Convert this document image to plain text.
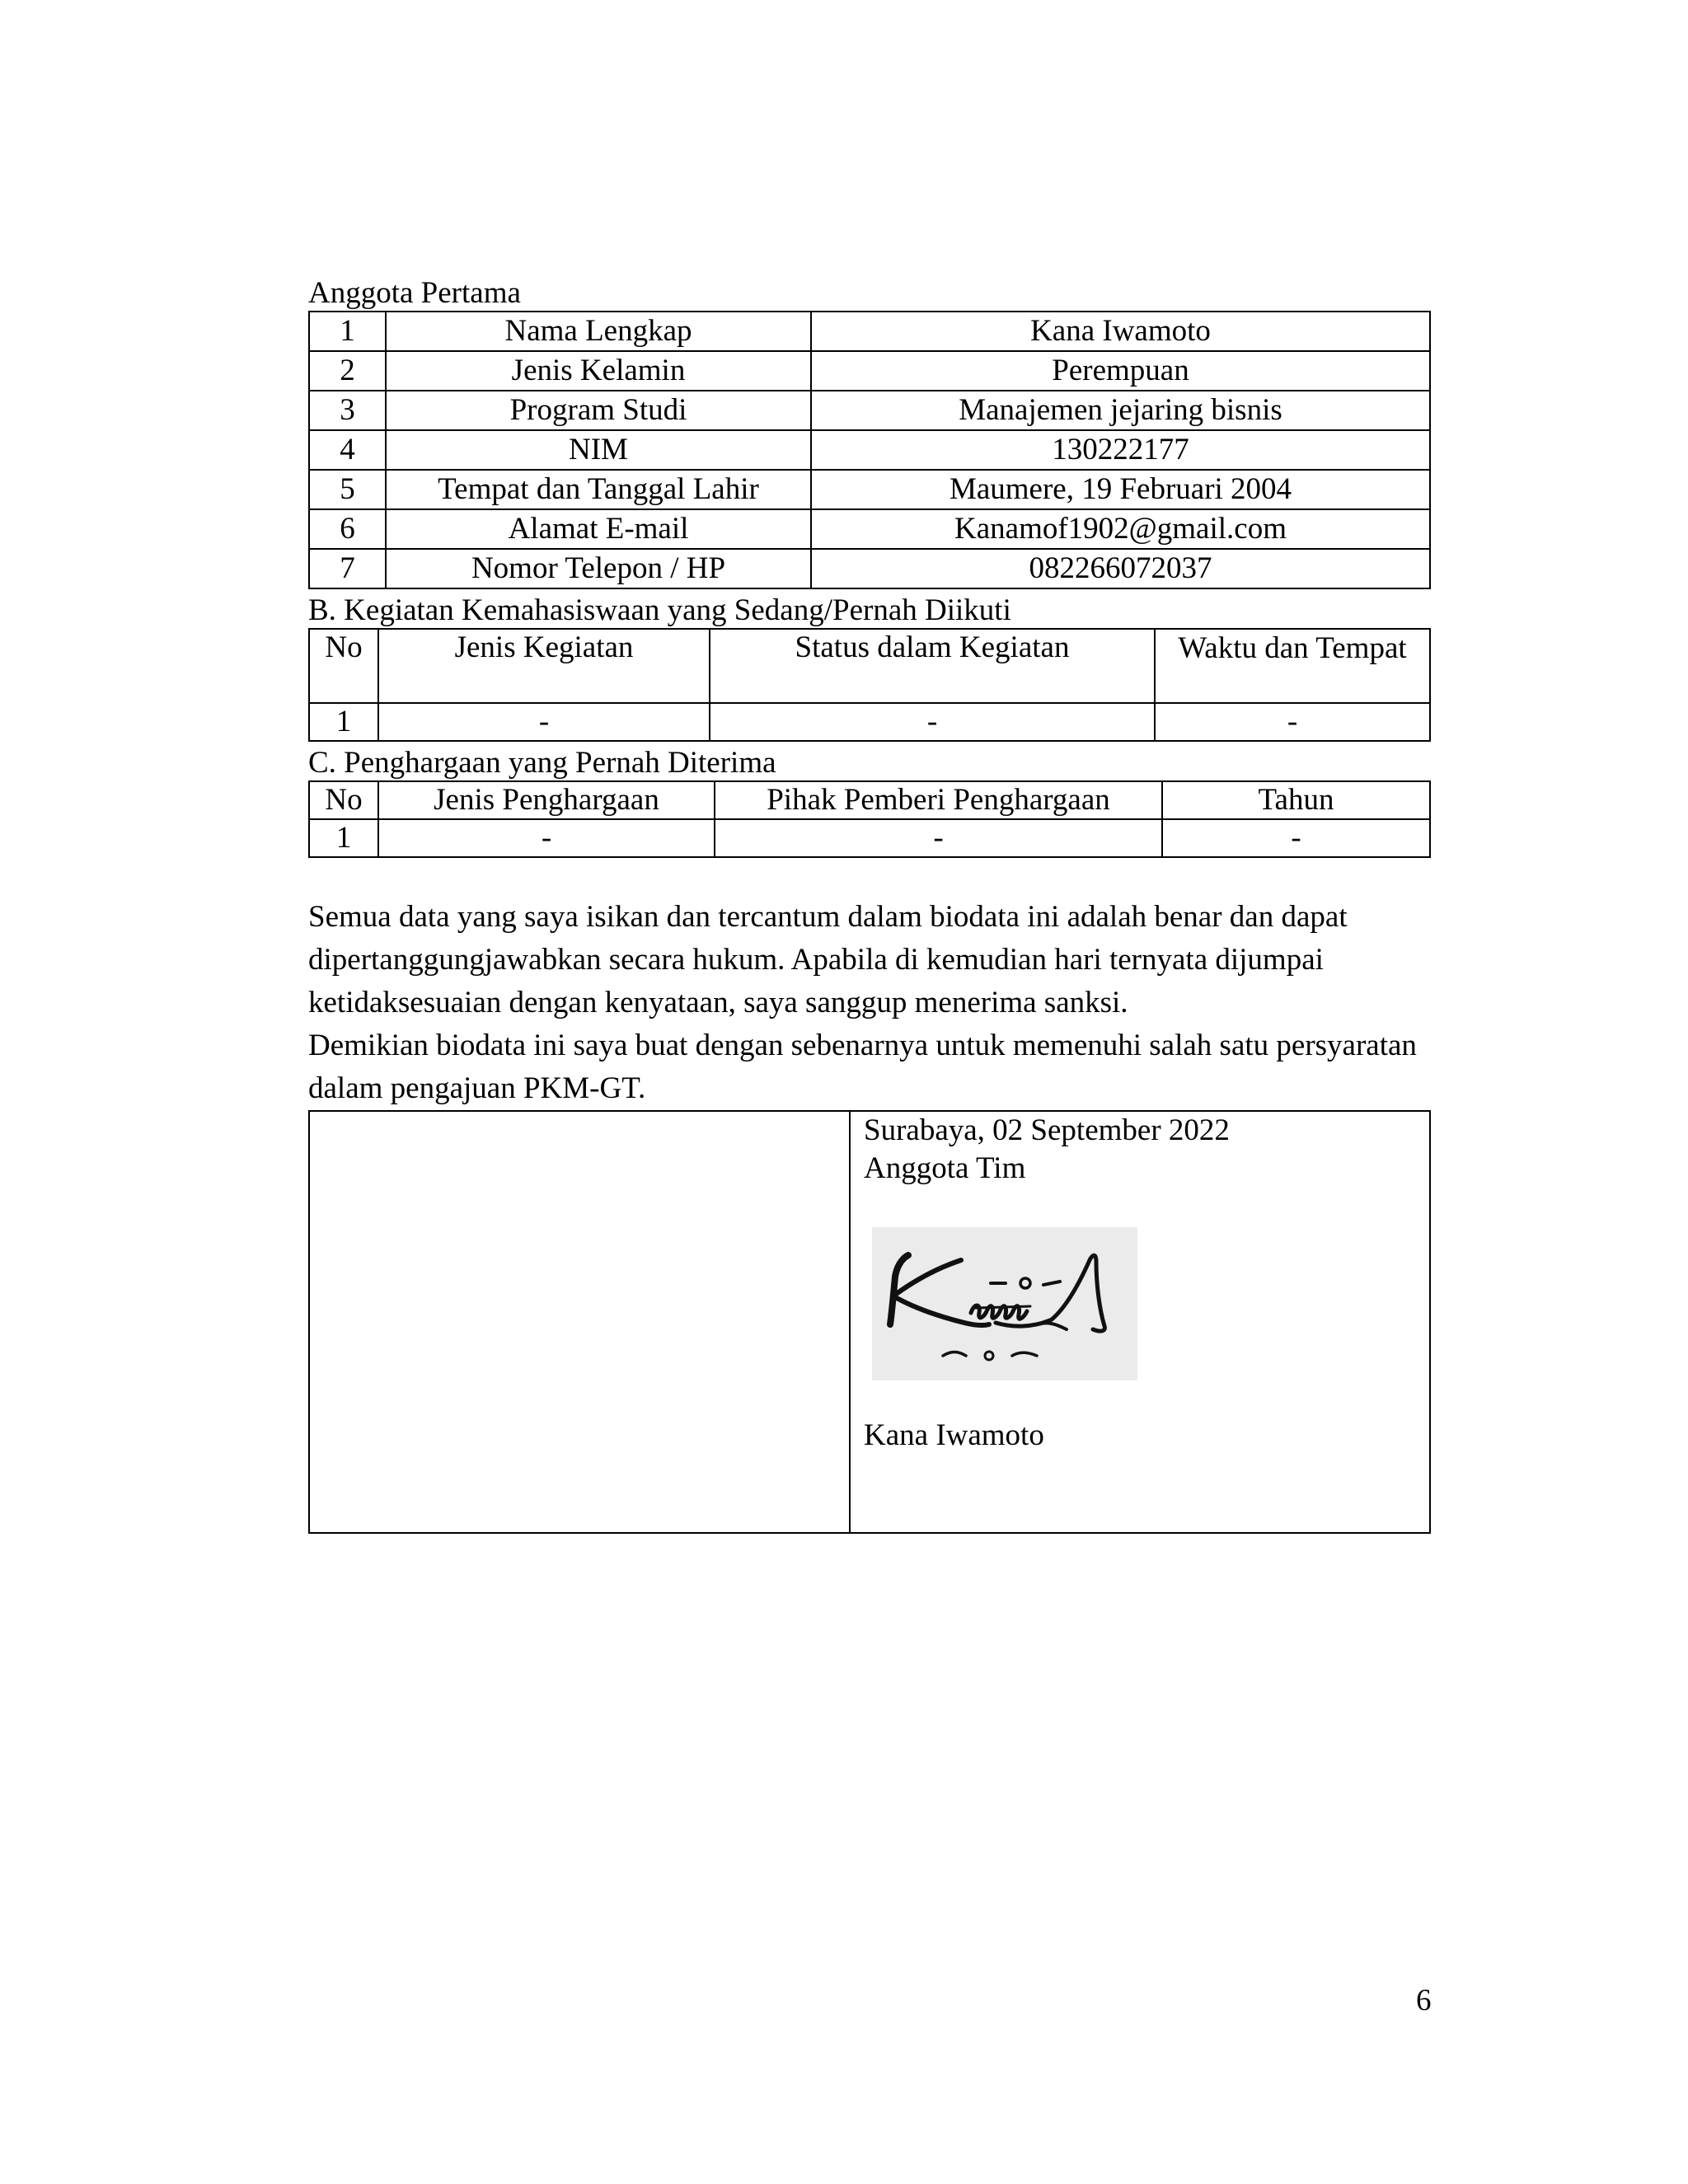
Anggota Pertama
1	Nama Lengkap	Kana Iwamoto
2	Jenis Kelamin	Perempuan
3	Program Studi	Manajemen jejaring bisnis
4	NIM	130222177
5	Tempat dan Tanggal Lahir	Maumere, 19 Februari 2004
6	Alamat E-mail	Kanamof1902@gmail.com
7	Nomor Telepon / HP	082266072037
B. Kegiatan Kemahasiswaan yang Sedang/Pernah Diikuti
No	Jenis Kegiatan	Status dalam Kegiatan	Waktu dan Tempat
1	-	-	-
C. Penghargaan yang Pernah Diterima
No	Jenis Penghargaan	Pihak Pemberi Penghargaan	Tahun
1	-	-	-

Semua data yang saya isikan dan tercantum dalam biodata ini adalah benar dan dapat dipertanggungjawabkan secara hukum. Apabila di kemudian hari ternyata dijumpai ketidaksesuaian dengan kenyataan, saya sanggup menerima sanksi.

Demikian biodata ini saya buat dengan sebenarnya untuk memenuhi salah satu persyaratan dalam pengajuan PKM-GT.

Surabaya, 02 September 2022
Anggota Tim
Kana Iwamoto
6
